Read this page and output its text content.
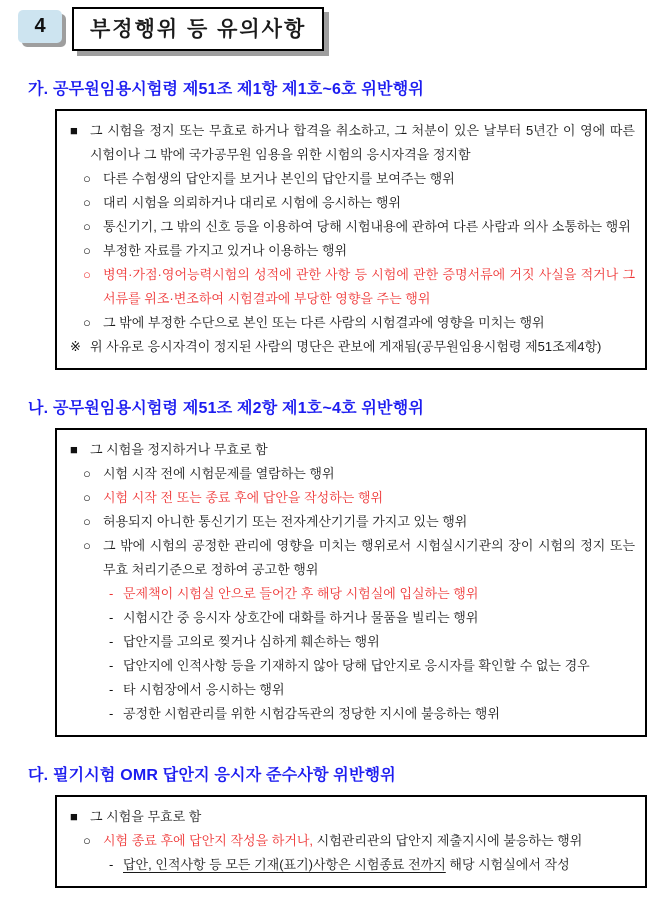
4	부정행위 등 유의사항
가. 공무원임용시험령 제51조 제1항 제1호~6호 위반행위
■ 그 시험을 정지 또는 무효로 하거나 합격을 취소하고, 그 처분이 있은 날부터 5년간 이 영에 따른 시험이나 그 밖에 국가공무원 임용을 위한 시험의 응시자격을 정지함
○ 다른 수험생의 답안지를 보거나 본인의 답안지를 보여주는 행위
○ 대리 시험을 의뢰하거나 대리로 시험에 응시하는 행위
○ 통신기기, 그 밖의 신호 등을 이용하여 당해 시험내용에 관하여 다른 사람과 의사 소통하는 행위
○ 부정한 자료를 가지고 있거나 이용하는 행위
○ 병역·가점·영어능력시험의 성적에 관한 사항 등 시험에 관한 증명서류에 거짓 사실을 적거나 그 서류를 위조·변조하여 시험결과에 부당한 영향을 주는 행위
○ 그 밖에 부정한 수단으로 본인 또는 다른 사람의 시험결과에 영향을 미치는 행위
※ 위 사유로 응시자격이 정지된 사람의 명단은 관보에 게재됨(공무원임용시험령 제51조제4항)
나. 공무원임용시험령 제51조 제2항 제1호~4호 위반행위
■ 그 시험을 정지하거나 무효로 함
○ 시험 시작 전에 시험문제를 열람하는 행위
○ 시험 시작 전 또는 종료 후에 답안을 작성하는 행위
○ 허용되지 아니한 통신기기 또는 전자계산기기를 가지고 있는 행위
○ 그 밖에 시험의 공정한 관리에 영향을 미치는 행위로서 시험실시기관의 장이 시험의 정지 또는 무효 처리기준으로 정하여 공고한 행위
- 문제책이 시험실 안으로 들어간 후 해당 시험실에 입실하는 행위
- 시험시간 중 응시자 상호간에 대화를 하거나 물품을 빌리는 행위
- 답안지를 고의로 찢거나 심하게 훼손하는 행위
- 답안지에 인적사항 등을 기재하지 않아 당해 답안지로 응시자를 확인할 수 없는 경우
- 타 시험장에서 응시하는 행위
- 공정한 시험관리를 위한 시험감독관의 정당한 지시에 불응하는 행위
다. 필기시험 OMR 답안지 응시자 준수사항 위반행위
■ 그 시험을 무효로 함
○ 시험 종료 후에 답안지 작성을 하거나, 시험관리관의 답안지 제출지시에 불응하는 행위
- 답안, 인적사항 등 모든 기재(표기)사항은 시험종료 전까지 해당 시험실에서 작성
